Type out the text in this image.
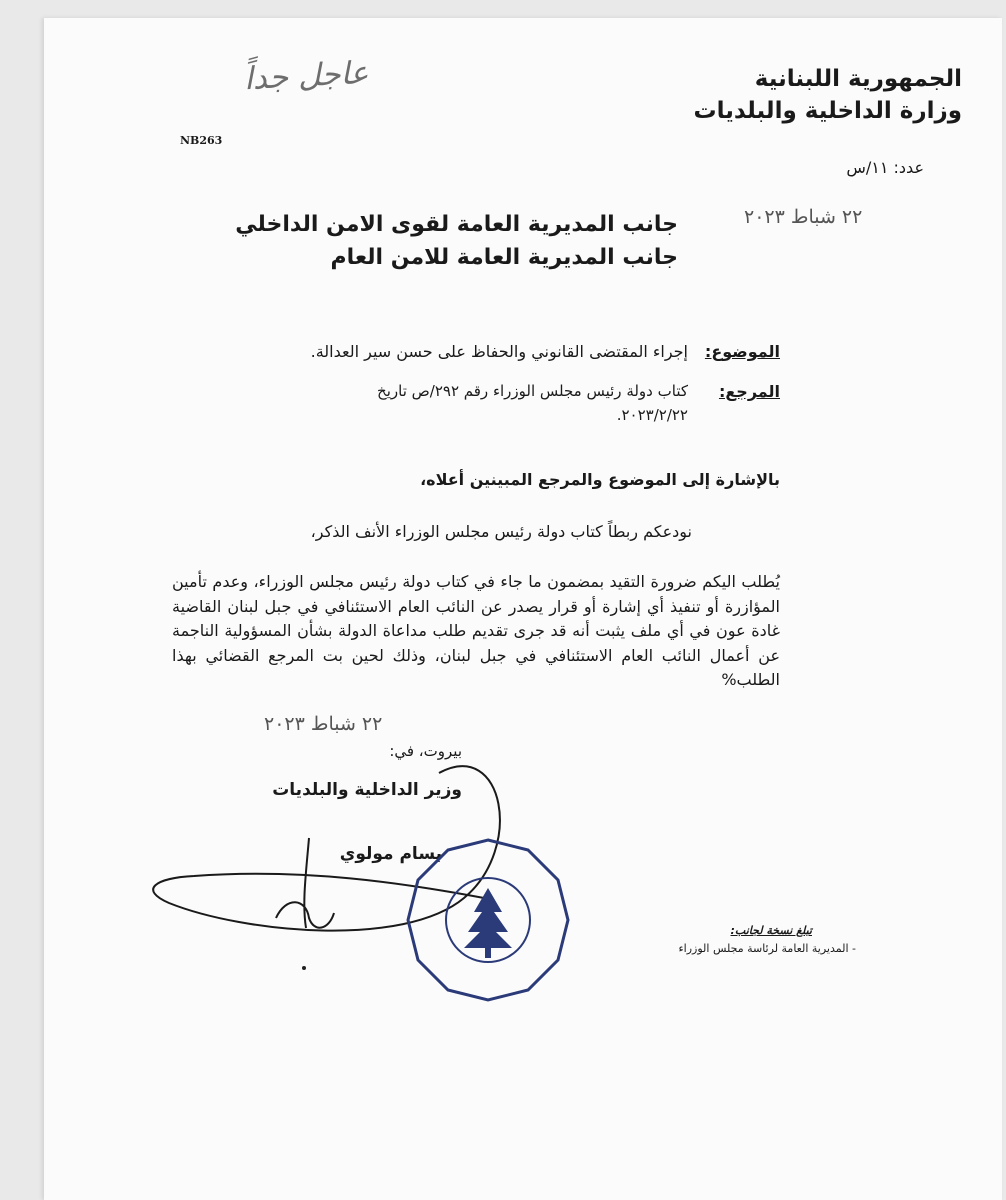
عاجل جداً	الجمهورية اللبنانية
وزارة الداخلية والبلديات
NB263
عدد: ١١/س
٢٢ شباط ٢٠٢٣
جانب المديرية العامة لقوى الامن الداخلي
جانب المديرية العامة للامن العام
الموضوع:
إجراء المقتضى القانوني والحفاظ على حسن سير العدالة.
المرجع:
كتاب دولة رئيس مجلس الوزراء رقم ٢٩٢/ص تاريخ
٢٠٢٣/٢/٢٢.
بالإشارة إلى الموضوع والمرجع المبينين أعلاه،
نودعكم ربطاً كتاب دولة رئيس مجلس الوزراء الأنف الذكر،
يُطلب اليكم ضرورة التقيد بمضمون ما جاء في كتاب دولة رئيس مجلس الوزراء، وعدم تأمين المؤازرة أو تنفيذ أي إشارة أو قرار يصدر عن النائب العام الاستئنافي في جبل لبنان القاضية غادة عون في أي ملف يثبت أنه قد جرى تقديم طلب مداعاة الدولة بشأن المسؤولية الناجمة عن أعمال النائب العام الاستئنافي في جبل لبنان، وذلك لحين بت المرجع القضائي بهذا الطلب%
٢٢ شباط ٢٠٢٣
بيروت، في:
وزير الداخلية والبلديات
بسام مولوي
تبلغ نسخة لجانب:
- المديرية العامة لرئاسة مجلس الوزراء
